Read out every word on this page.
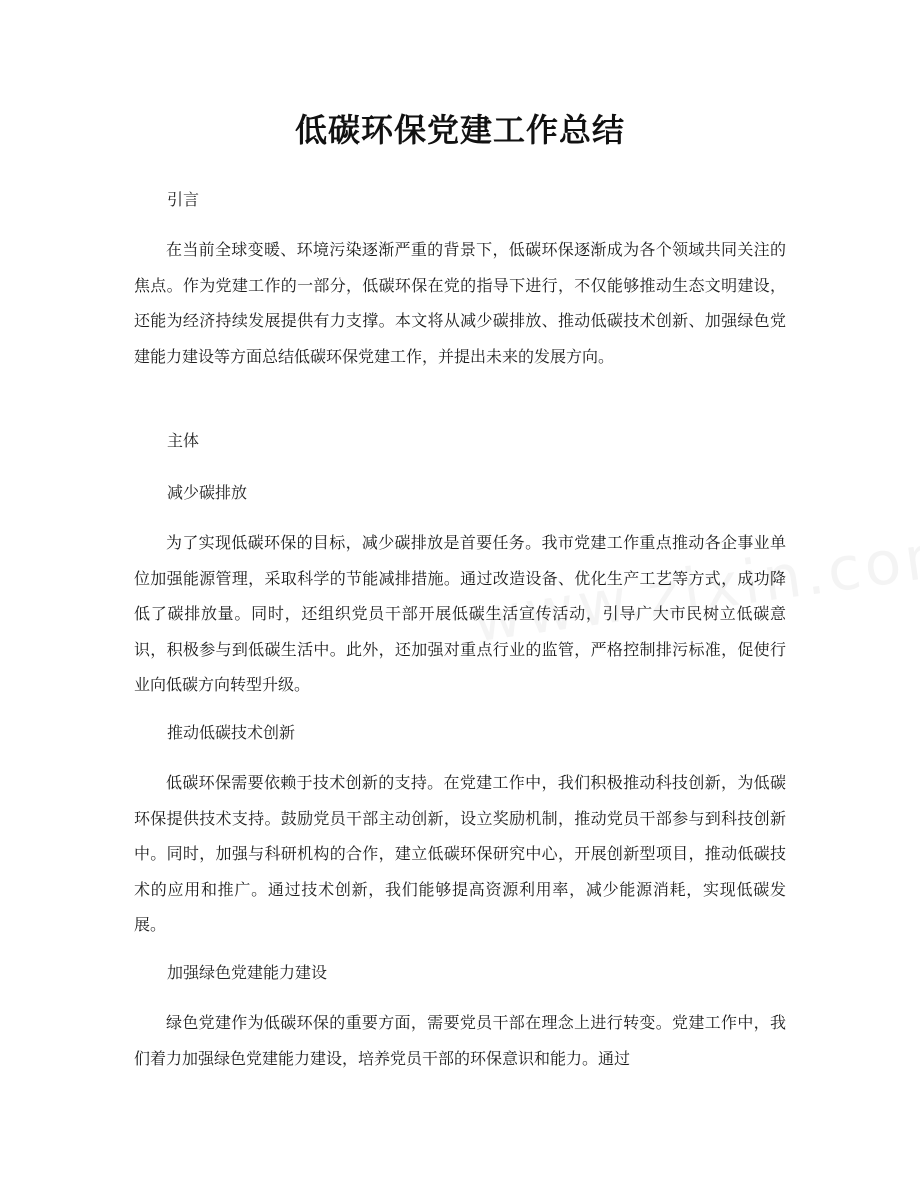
低碳环保党建工作总结
引言
在当前全球变暖、环境污染逐渐严重的背景下，低碳环保逐渐成为各个领域共同关注的焦点。作为党建工作的一部分，低碳环保在党的指导下进行，不仅能够推动生态文明建设，还能为经济持续发展提供有力支撑。本文将从减少碳排放、推动低碳技术创新、加强绿色党建能力建设等方面总结低碳环保党建工作，并提出未来的发展方向。
主体
减少碳排放
为了实现低碳环保的目标，减少碳排放是首要任务。我市党建工作重点推动各企事业单位加强能源管理，采取科学的节能减排措施。通过改造设备、优化生产工艺等方式，成功降低了碳排放量。同时，还组织党员干部开展低碳生活宣传活动，引导广大市民树立低碳意识，积极参与到低碳生活中。此外，还加强对重点行业的监管，严格控制排污标准，促使行业向低碳方向转型升级。
推动低碳技术创新
低碳环保需要依赖于技术创新的支持。在党建工作中，我们积极推动科技创新，为低碳环保提供技术支持。鼓励党员干部主动创新，设立奖励机制，推动党员干部参与到科技创新中。同时，加强与科研机构的合作，建立低碳环保研究中心，开展创新型项目，推动低碳技术的应用和推广。通过技术创新，我们能够提高资源利用率，减少能源消耗，实现低碳发展。
加强绿色党建能力建设
绿色党建作为低碳环保的重要方面，需要党员干部在理念上进行转变。党建工作中，我们着力加强绿色党建能力建设，培养党员干部的环保意识和能力。通过
